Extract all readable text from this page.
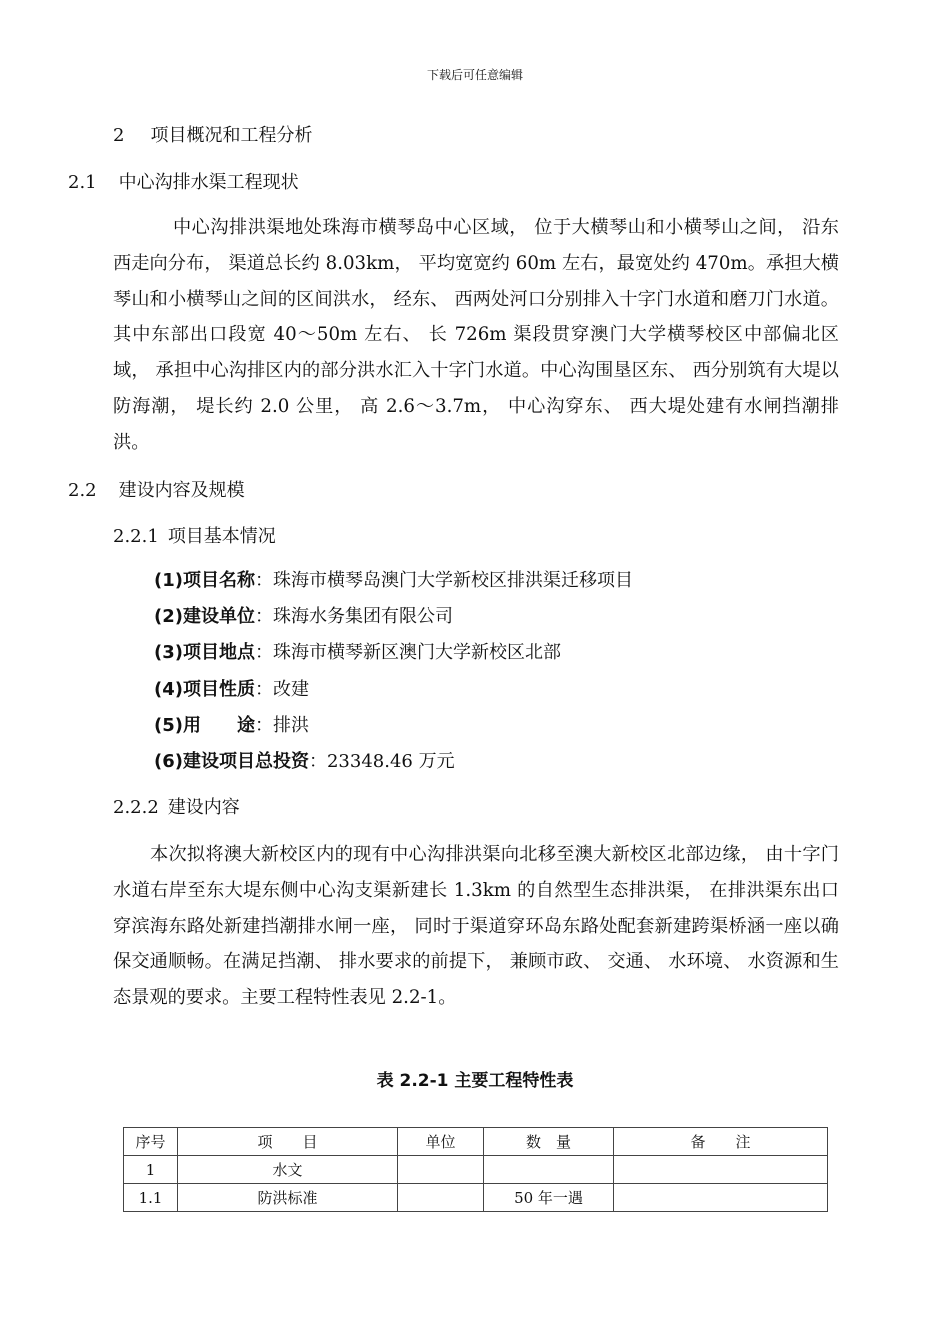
下载后可任意编辑
2 项目概况和工程分析
2.1 中心沟排水渠工程现状

中心沟排洪渠地处珠海市横琴岛中心区域， 位于大横琴山和小横琴山之间， 沿东西走向分布， 渠道总长约 8.03km， 平均宽宽约 60m 左右，最宽处约 470m。承担大横琴山和小横琴山之间的区间洪水， 经东、 西两处河口分别排入十字门水道和磨刀门水道。其中东部出口段宽 40～50m 左右、 长 726m 渠段贯穿澳门大学横琴校区中部偏北区域， 承担中心沟排区内的部分洪水汇入十字门水道。中心沟围垦区东、 西分别筑有大堤以防海潮， 堤长约 2.0 公里， 高 2.6～3.7m， 中心沟穿东、 西大堤处建有水闸挡潮排洪。

2.2 建设内容及规模
2.2.1 项目基本情况
(1)项目名称：珠海市横琴岛澳门大学新校区排洪渠迁移项目
(2)建设单位：珠海水务集团有限公司
(3)项目地点：珠海市横琴新区澳门大学新校区北部
(4)项目性质：改建
(5)用　　途：排洪
(6)建设项目总投资：23348.46 万元
2.2.2 建设内容

本次拟将澳大新校区内的现有中心沟排洪渠向北移至澳大新校区北部边缘， 由十字门水道右岸至东大堤东侧中心沟支渠新建长 1.3km 的自然型生态排洪渠， 在排洪渠东出口穿滨海东路处新建挡潮排水闸一座， 同时于渠道穿环岛东路处配套新建跨渠桥涵一座以确保交通顺畅。在满足挡潮、 排水要求的前提下， 兼顾市政、 交通、 水环境、 水资源和生态景观的要求。主要工程特性表见 2.2-1。

表 2.2-1 主要工程特性表
序号	项　　目	单位	数　量	备　　注
1	水文			
1.1	防洪标准		50 年一遇	
